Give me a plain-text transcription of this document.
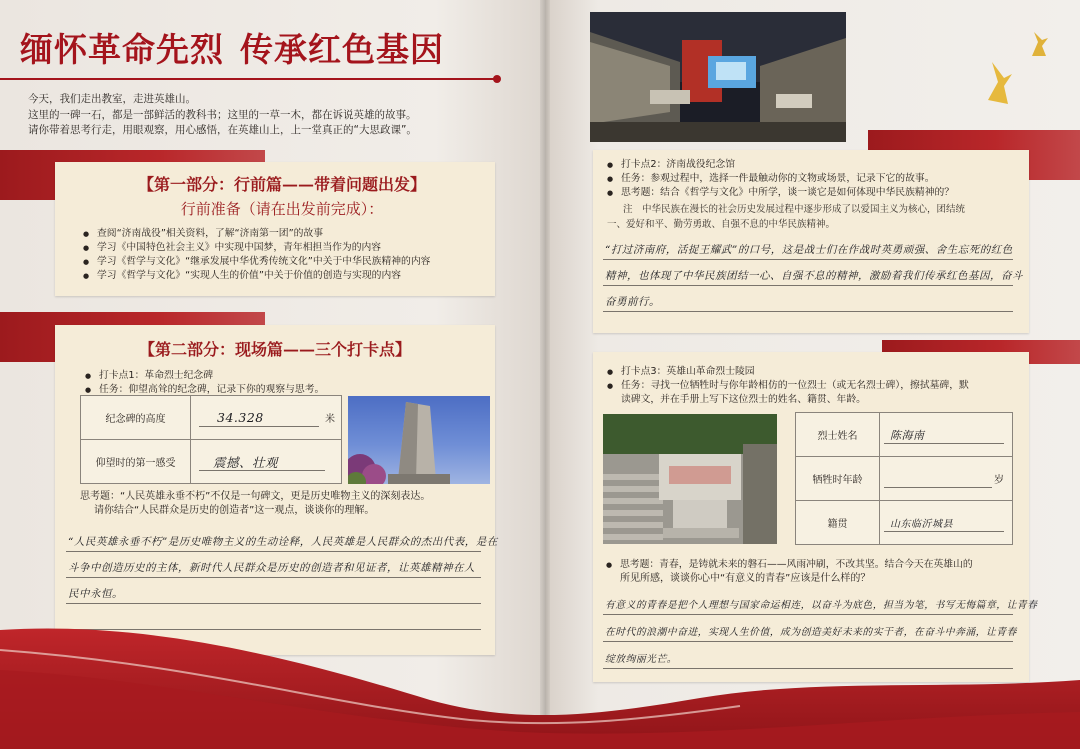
缅怀革命先烈 传承红色基因

今天，我们走出教室，走进英雄山。

这里的一碑一石，都是一部鲜活的教科书；这里的一草一木，都在诉说英雄的故事。

请你带着思考行走，用眼观察，用心感悟，在英雄山上，上一堂真正的“大思政课”。

【第一部分：行前篇——带着问题出发】
行前准备（请在出发前完成）：
● 查阅“济南战役”相关资料，了解“济南第一团”的故事
● 学习《中国特色社会主义》中实现中国梦，青年相担当作为的内容
● 学习《哲学与文化》“继承发展中华优秀传统文化”中关于中华民族精神的内容
● 学习《哲学与文化》“实现人生的价值”中关于价值的创造与实现的内容
【第二部分：现场篇——三个打卡点】
● 打卡点1：革命烈士纪念碑
● 任务：仰望高耸的纪念碑，记录下你的观察与思考。
纪念碑的高度	34.328 米

仰望时的第一感受	震撼、壮观
思考题：“人民英雄永垂不朽”不仅是一句碑文，更是历史唯物主义的深刻表达。
请你结合“人民群众是历史的创造者”这一观点，谈谈你的理解。
“人民英雄永垂不朽”是历史唯物主义的生动诠释，人民英雄是人民群众的杰出代表，是在
斗争中创造历史的主体，新时代人民群众是历史的创造者和见证者，让英雄精神在人
民中永恒。
● 打卡点2：济南战役纪念馆
● 任务：参观过程中，选择一件最触动你的文物或场景，记录下它的故事。
● 思考题：结合《哲学与文化》中所学，谈一谈它是如何体现中华民族精神的？
注　中华民族在漫长的社会历史发展过程中逐步形成了以爱国主义为核心，团结统
一、爱好和平、勤劳勇敢、自强不息的中华民族精神。
“打过济南府，活捉王耀武”的口号，这是战士们在作战时英勇顽强、舍生忘死的红色
精神，也体现了中华民族团结一心、自强不息的精神，激励着我们传承红色基因，奋斗
奋勇前行。
● 打卡点3：英雄山革命烈士陵园
● 任务：寻找一位牺牲时与你年龄相仿的一位烈士（或无名烈士碑），擦拭墓碑，默
读碑文，并在手册上写下这位烈士的姓名、籍贯、年龄。
烈士姓名	陈海南

牺牲时年龄	岁

籍贯	山东临沂城县
● 思考题：青春，是铸就未来的磐石——风雨冲刷，不改其坚。结合今天在英雄山的
所见所感，谈谈你心中“有意义的青春”应该是什么样的？
有意义的青春是把个人理想与国家命运相连，以奋斗为底色，担当为笔，书写无悔篇章，让青春
在时代的浪潮中奋进，实现人生价值，成为创造美好未来的实干者，在奋斗中奔涌，让青春
绽放绚丽光芒。
